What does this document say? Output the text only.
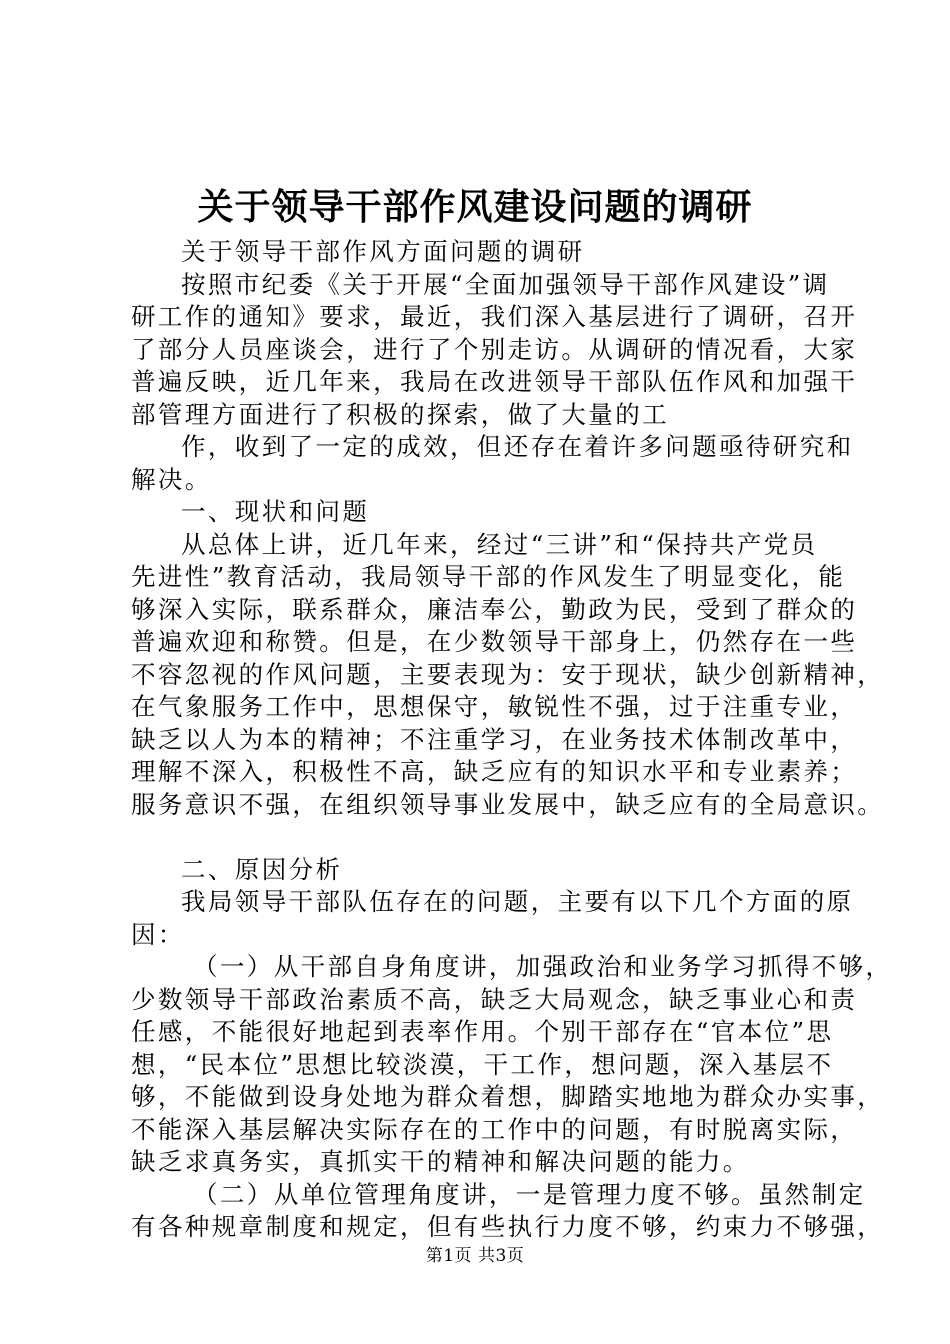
关于领导干部作风建设问题的调研
关于领导干部作风方面问题的调研
按照市纪委《关于开展“全面加强领导干部作风建设”调
研工作的通知》要求，最近，我们深入基层进行了调研，召开
了部分人员座谈会，进行了个别走访。从调研的情况看，大家
普遍反映，近几年来，我局在改进领导干部队伍作风和加强干
部管理方面进行了积极的探索，做了大量的工
作，收到了一定的成效，但还存在着许多问题亟待研究和
解决。
一、现状和问题
从总体上讲，近几年来，经过“三讲”和“保持共产党员
先进性”教育活动，我局领导干部的作风发生了明显变化，能
够深入实际，联系群众，廉洁奉公，勤政为民，受到了群众的
普遍欢迎和称赞。但是，在少数领导干部身上，仍然存在一些
不容忽视的作风问题，主要表现为：安于现状，缺少创新精神，
在气象服务工作中，思想保守，敏锐性不强，过于注重专业，
缺乏以人为本的精神；不注重学习，在业务技术体制改革中，
理解不深入，积极性不高，缺乏应有的知识水平和专业素养；
服务意识不强，在组织领导事业发展中，缺乏应有的全局意识。
二、原因分析
我局领导干部队伍存在的问题，主要有以下几个方面的原
因：
（一）从干部自身角度讲，加强政治和业务学习抓得不够，
少数领导干部政治素质不高，缺乏大局观念，缺乏事业心和责
任感，不能很好地起到表率作用。个别干部存在“官本位”思
想，“民本位”思想比较淡漠，干工作，想问题，深入基层不
够，不能做到设身处地为群众着想，脚踏实地地为群众办实事，
不能深入基层解决实际存在的工作中的问题，有时脱离实际，
缺乏求真务实，真抓实干的精神和解决问题的能力。
（二）从单位管理角度讲，一是管理力度不够。虽然制定
有各种规章制度和规定，但有些执行力度不够，约束力不够强，
第1页 共3页
